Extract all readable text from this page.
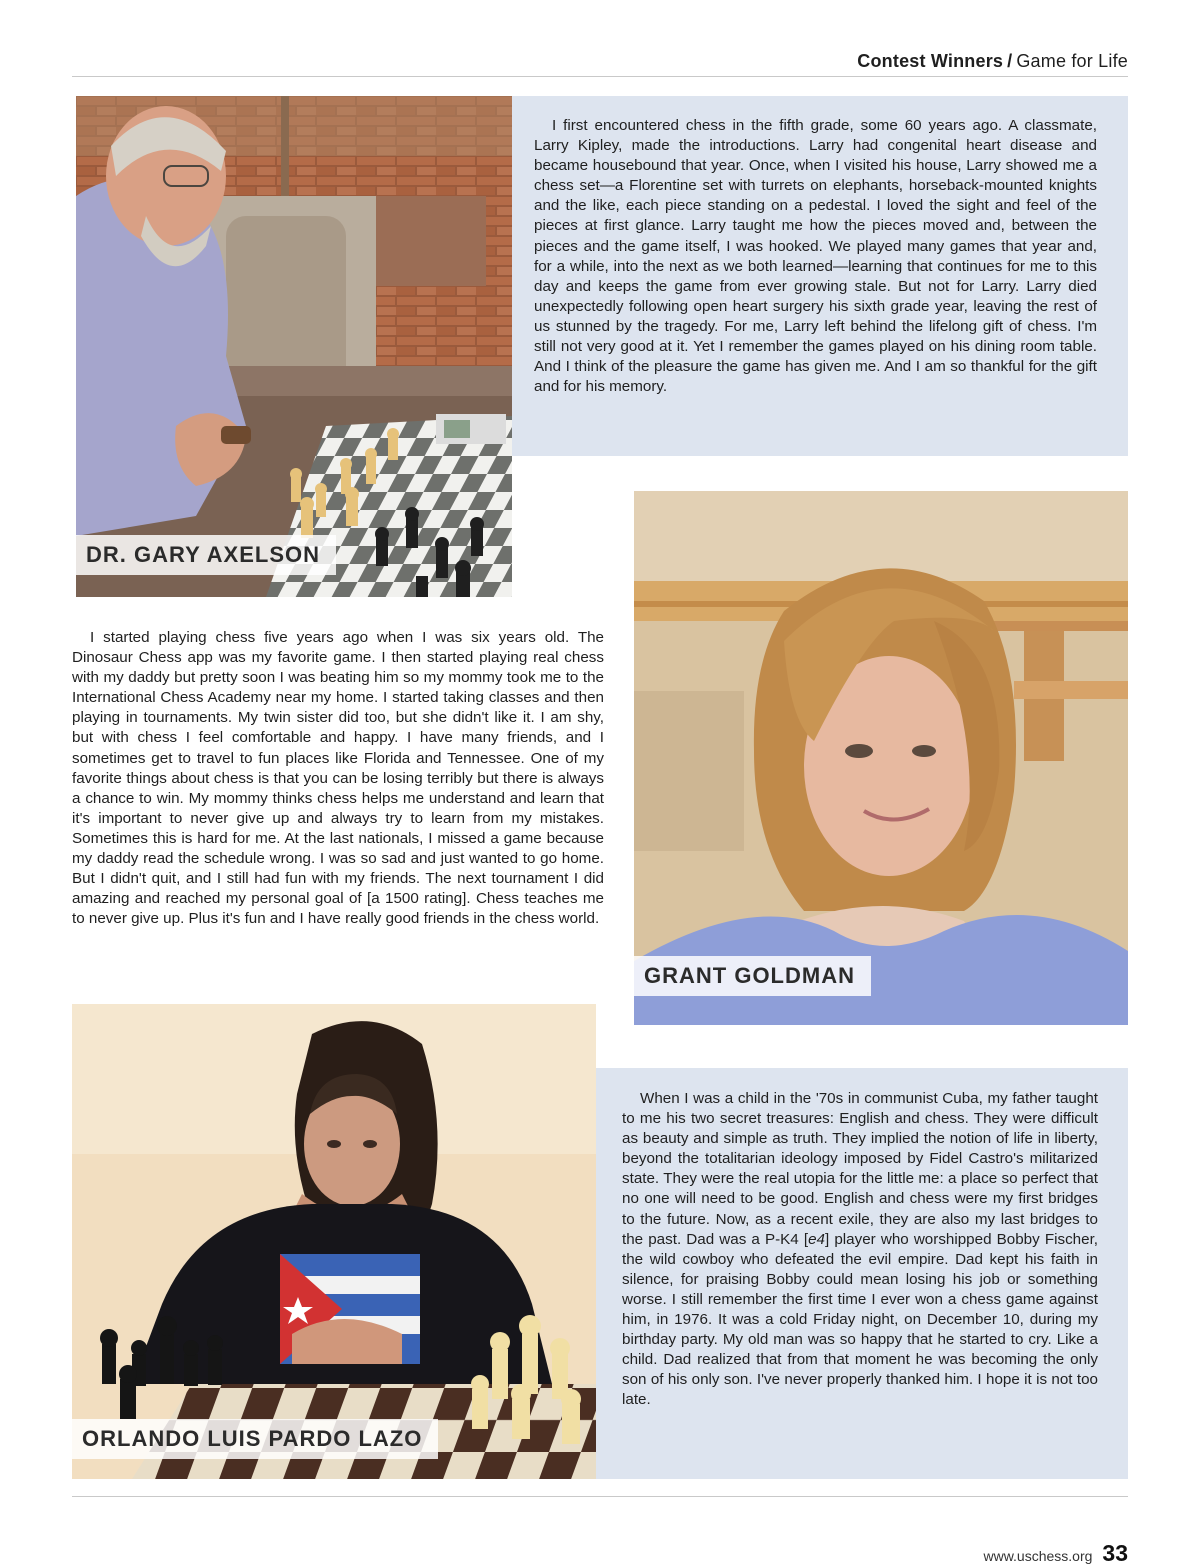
Contest Winners / Game for Life
DR. GARY AXELSON

I first encountered chess in the fifth grade, some 60 years ago. A classmate, Larry Kipley, made the introductions. Larry had congenital heart disease and became housebound that year. Once, when I visited his house, Larry showed me a chess set—a Florentine set with turrets on elephants, horseback-mounted knights and the like, each piece standing on a pedestal. I loved the sight and feel of the pieces at first glance. Larry taught me how the pieces moved and, between the pieces and the game itself, I was hooked. We played many games that year and, for a while, into the next as we both learned—learning that continues for me to this day and keeps the game from ever growing stale. But not for Larry. Larry died unexpectedly following open heart surgery his sixth grade year, leaving the rest of us stunned by the tragedy. For me, Larry left behind the lifelong gift of chess. I'm still not very good at it. Yet I remember the games played on his dining room table. And I think of the pleasure the game has given me. And I am so thankful for the gift and for his memory.

GRANT GOLDMAN

I started playing chess five years ago when I was six years old. The Dinosaur Chess app was my favorite game. I then started playing real chess with my daddy but pretty soon I was beating him so my mommy took me to the International Chess Academy near my home. I started taking classes and then playing in tournaments. My twin sister did too, but she didn't like it. I am shy, but with chess I feel comfortable and happy. I have many friends, and I sometimes get to travel to fun places like Florida and Tennessee. One of my favorite things about chess is that you can be losing terribly but there is always a chance to win. My mommy thinks chess helps me understand and learn that it's important to never give up and always try to learn from my mistakes. Sometimes this is hard for me. At the last nationals, I missed a game because my daddy read the schedule wrong. I was so sad and just wanted to go home. But I didn't quit, and I still had fun with my friends. The next tournament I did amazing and reached my personal goal of [a 1500 rating]. Chess teaches me to never give up. Plus it's fun and I have really good friends in the chess world.

ORLANDO LUIS PARDO LAZO

When I was a child in the '70s in communist Cuba, my father taught to me his two secret treasures: English and chess. They were difficult as beauty and simple as truth. They implied the notion of life in liberty, beyond the totalitarian ideology imposed by Fidel Castro's militarized state. They were the real utopia for the little me: a place so perfect that no one will need to be good. English and chess were my first bridges to the future. Now, as a recent exile, they are also my last bridges to the past. Dad was a P-K4 [e4] player who worshipped Bobby Fischer, the wild cowboy who defeated the evil empire. Dad kept his faith in silence, for praising Bobby could mean losing his job or something worse. I still remember the first time I ever won a chess game against him, in 1976. It was a cold Friday night, on December 10, during my birthday party. My old man was so happy that he started to cry. Like a child. Dad realized that from that moment he was becoming the only son of his only son. I've never properly thanked him. I hope it is not too late.

www.uschess.org 33
